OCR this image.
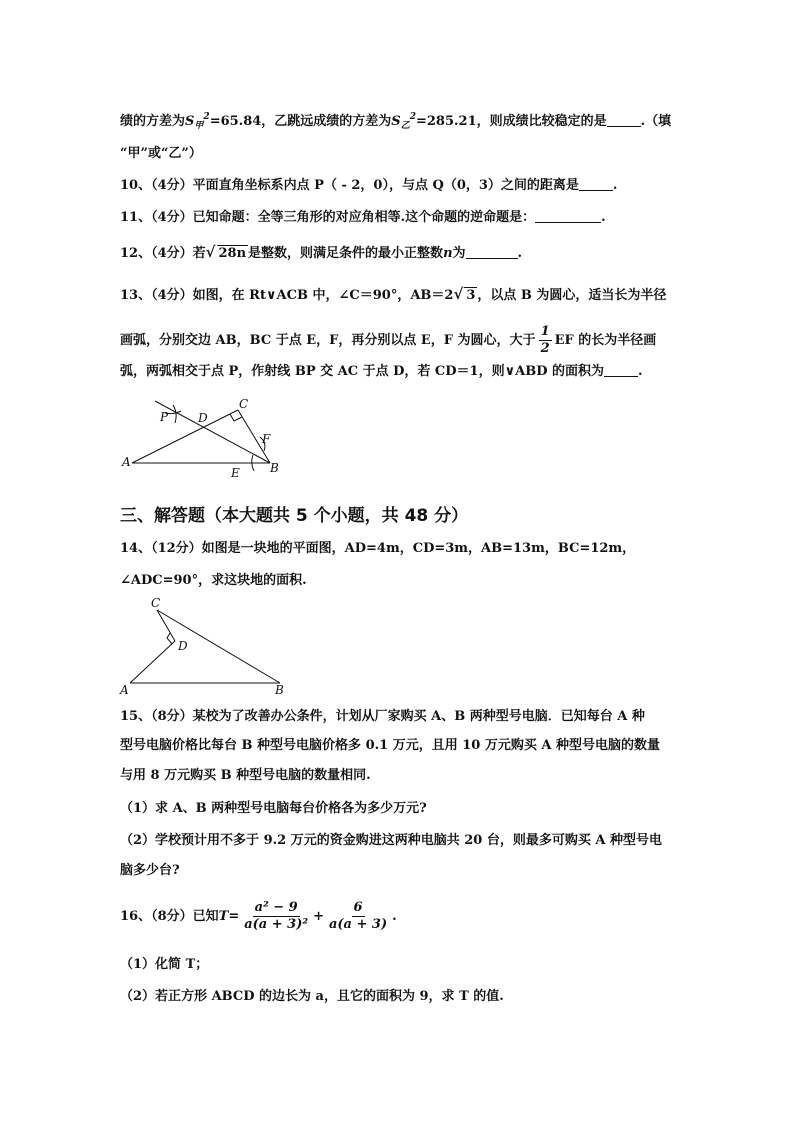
绩的方差为$S_甲^2=65.84$，乙跳远成绩的方差为$S_乙^2=285.21$，则成绩比较稳定的是	.（填
“甲”或“乙”）
10、（4分）平面直角坐标系内点 P（ - 2，0），与点 Q（0，3）之间的距离是	.
11、（4分）已知命题：全等三角形的对应角相等.这个命题的逆命题是：	.
12、（4分）若√ 28n 是整数，则满足条件的最小正整数n为	.
13、（4分）如图，在 Rt∨ACB 中，∠C＝90°，AB＝2√ 3 ，以点 B 为圆心，适当长为半径
画弧，分别交边 AB，BC 于点 E，F，再分别以点 E，F 为圆心，大于 $\frac{1}{2}$ EF 的长为半径画
弧，两弧相交于点 P，作射线 BP 交 AC 于点 D，若 CD＝1，则∨ABD 的面积为	.
P D
C
F
A
E	B
三、解答题（本大题共 5 个小题，共 48 分）
14、（12分）如图是一块地的平面图，AD=4m，CD=3m，AB=13m，BC=12m，
∠ADC=90°，求这块地的面积.
C
D
A	B
15、（8分）某校为了改善办公条件，计划从厂家购买 A、B 两种型号电脑．已知每台 A 种
型号电脑价格比每台 B 种型号电脑价格多 0.1 万元，且用 10 万元购买 A 种型号电脑的数量
与用 8 万元购买 B 种型号电脑的数量相同.
（1）求 A、B 两种型号电脑每台价格各为多少万元?
（2）学校预计用不多于 9.2 万元的资金购进这两种电脑共 20 台，则最多可购买 A 种型号电
脑多少台?
16、（8分）已知$T= \frac{\text{a² − 9}}{\text{a(a + 3)²}} + \frac{6}{a(a + 3)}$ .
（1）化简 T；
（2）若正方形 ABCD 的边长为 a，且它的面积为 9，求 T 的值.
